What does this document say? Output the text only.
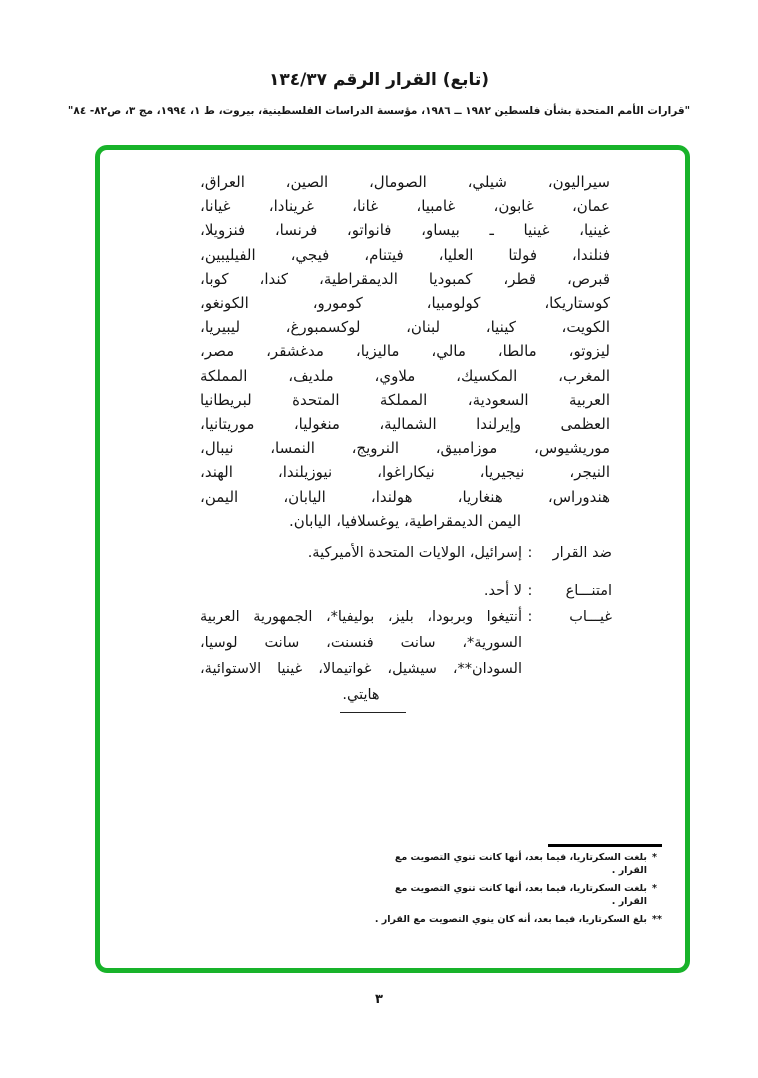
(تابع) القرار الرقم ١٣٤/٣٧
"قرارات الأمم المتحدة بشأن فلسطين ١٩٨٢ ــ ١٩٨٦، مؤسسة الدراسات الفلسطينية، بيروت، ط ١، ١٩٩٤، مج ٣، ص٨٢- ٨٤"
سيراليون، شيلي، الصومال، الصين، العراق،
عمان، غابون، غامبيا، غانا، غرينادا، غيانا،
غينيا، غينيا ـ بيساو، فانواتو، فرنسا، فنزويلا،
فنلندا، فولتا العليا، فيتنام، فيجي، الفيليبين،
قبرص، قطر، كمبوديا الديمقراطية، كندا، كوبا،
كوستاريكا، كولومبيا، كومورو، الكونغو،
الكويت، كينيا، لبنان، لوكسمبورغ، ليبيريا،
ليزوتو، مالطا، مالي، ماليزيا، مدغشقر، مصر،
المغرب، المكسيك، ملاوي، ملديف، المملكة
العربية السعودية، المملكة المتحدة لبريطانيا
العظمى وإيرلندا الشمالية، منغوليا، موريتانيا،
موريشيوس، موزامبيق، النرويج، النمسا، نيبال،
النيجر، نيجيريا، نيكاراغوا، نيوزيلندا، الهند،
هندوراس، هنغاريا، هولندا، اليابان، اليمن،
اليمن الديمقراطية، يوغسلافيا، اليابان.
ضد القرار
:
إسرائيل، الولايات المتحدة الأميركية.
امتنـــاع
:
لا أحد.
غيـــاب
:
أنتيغوا وبربودا، بليز، بوليفيا*، الجمهورية العربية
السورية*، سانت فنسنت، سانت لوسيا،
السودان**، سيشيل، غواتيمالا، غينيا الاستوائية،
هايتي.
*
بلغت السكرتاريا، فيما بعد، أنها كانت تنوي التصويت مع القرار .
*
بلغت السكرتاريا، فيما بعد، أنها كانت تنوي التصويت مع القرار .
**
بلغ السكرتاريا، فيما بعد، أنه كان ينوي التصويت مع القرار .
٣
